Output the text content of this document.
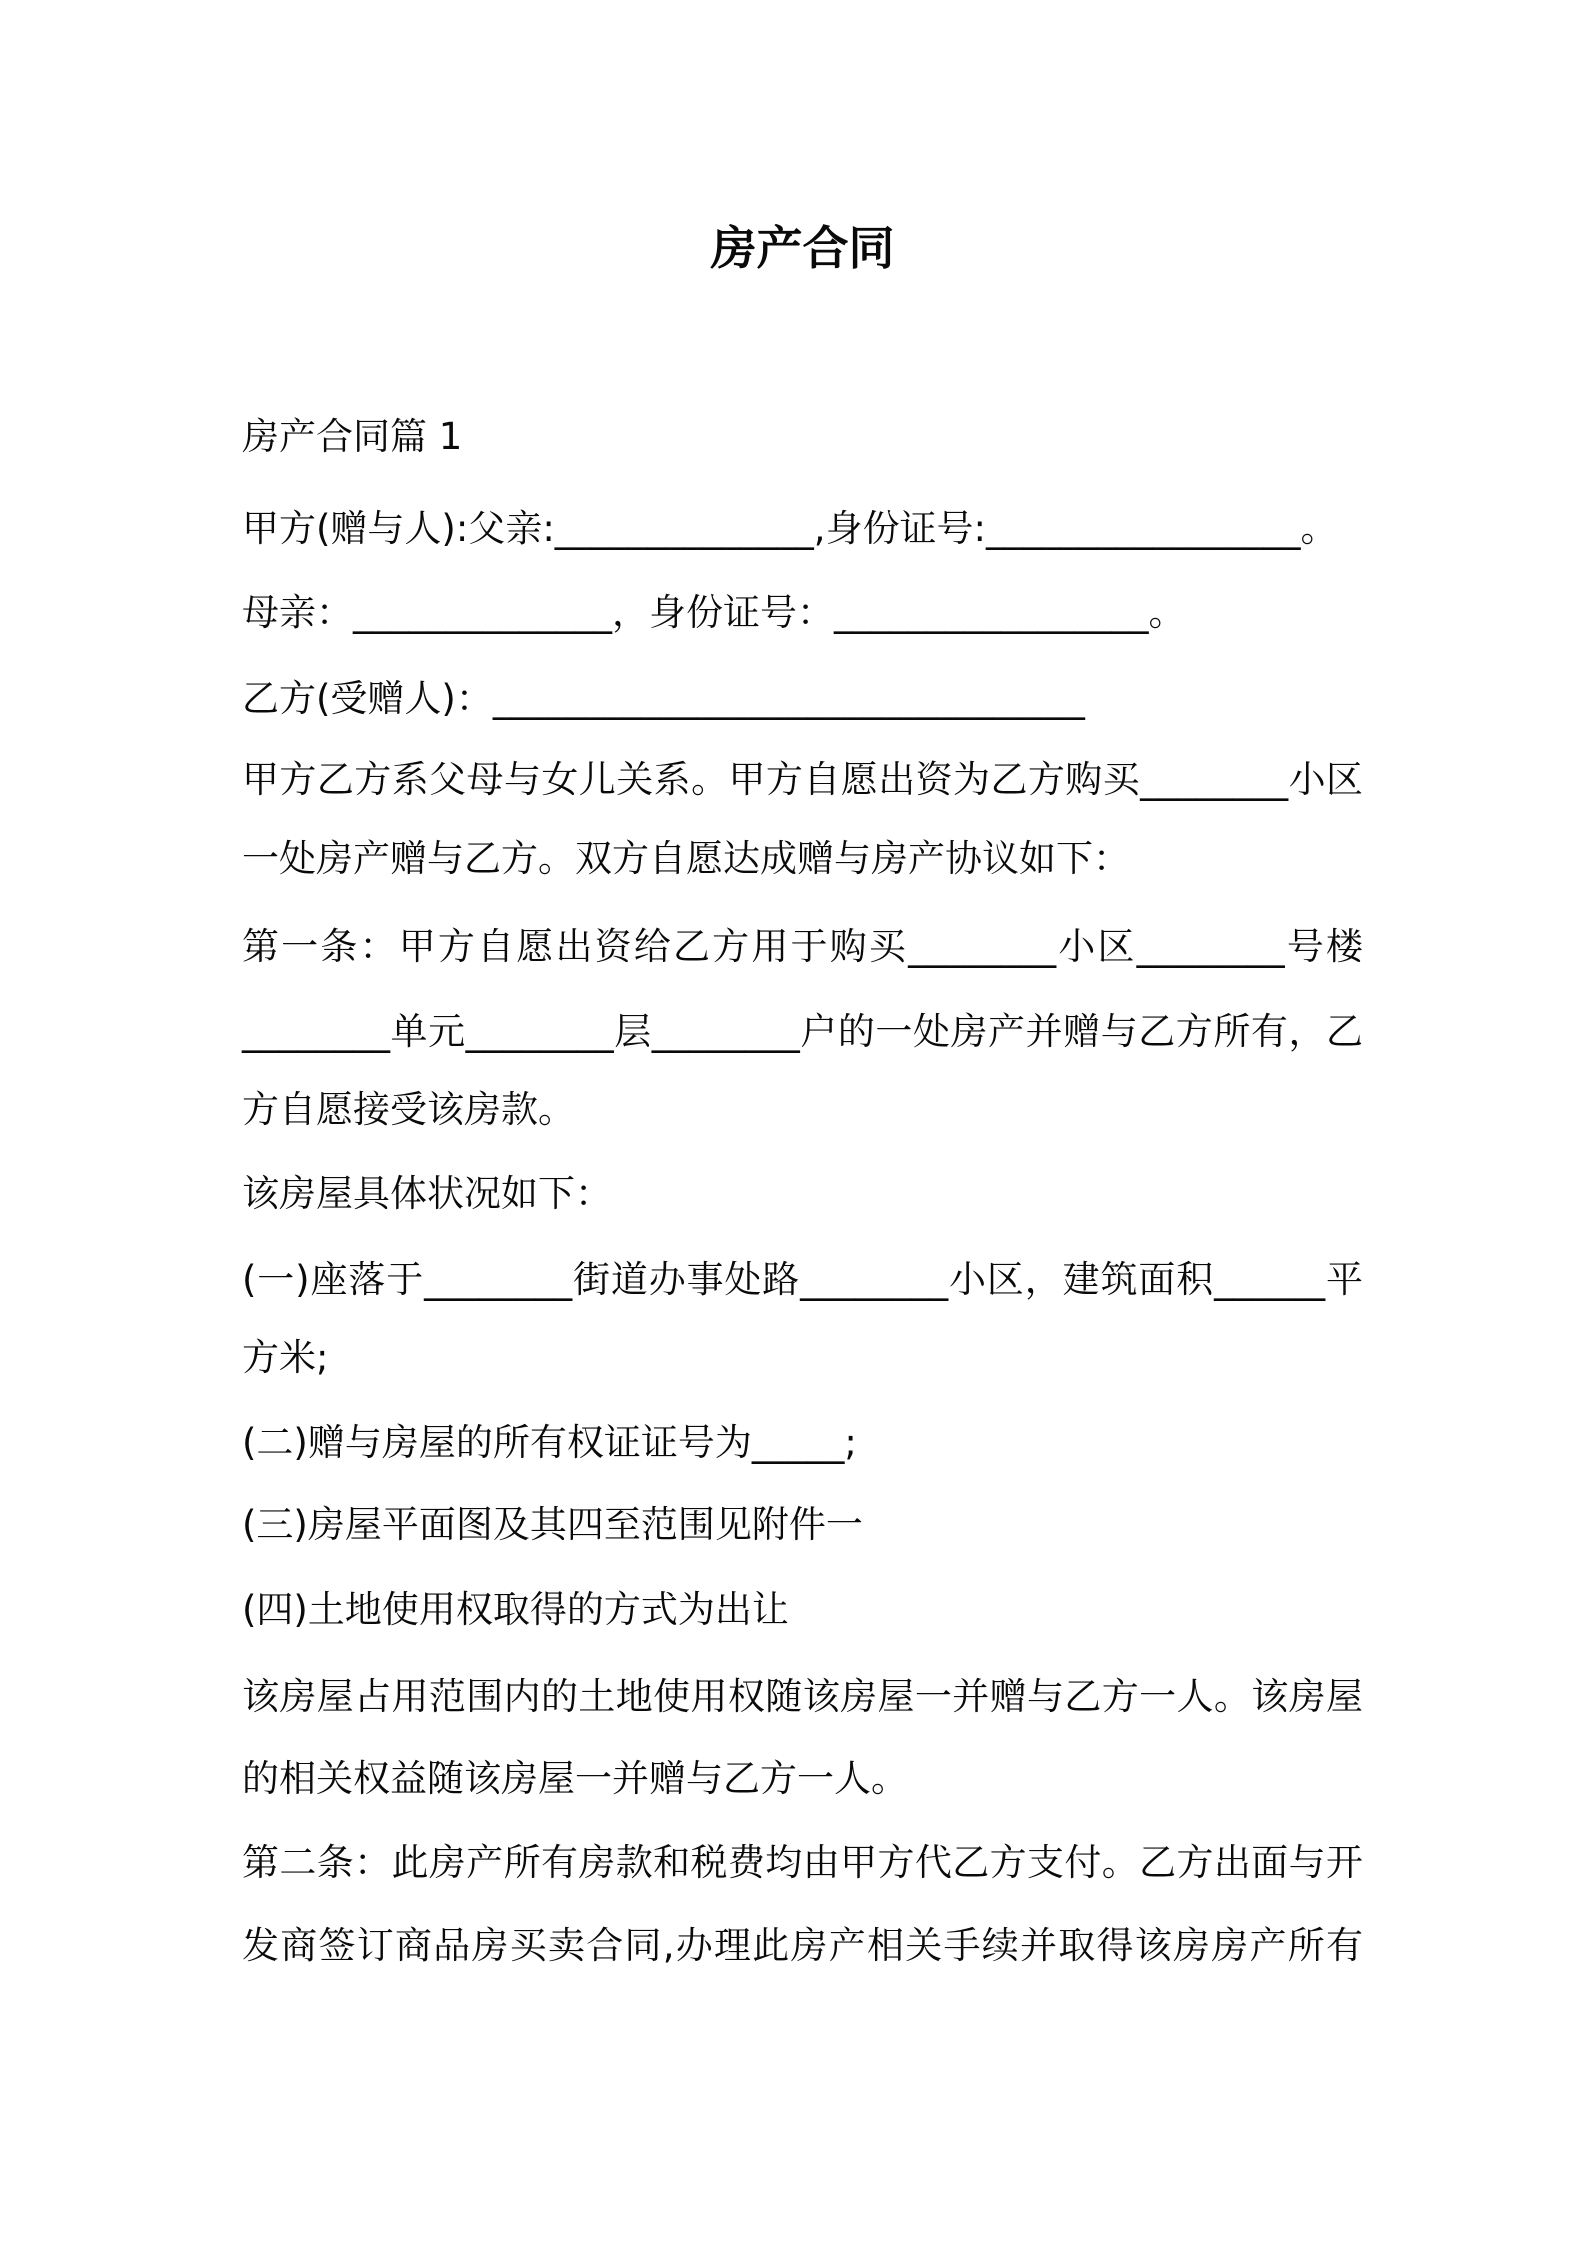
房产合同
房产合同篇 1
甲方(赠与人):父亲:______________,身份证号:_________________。
母亲：______________，身份证号：_________________。
乙方(受赠人)：________________________________
甲方乙方系父母与女儿关系。甲方自愿出资为乙方购买________小区
一处房产赠与乙方。双方自愿达成赠与房产协议如下：
第一条：甲方自愿出资给乙方用于购买________小区________号楼
________单元________层________户的一处房产并赠与乙方所有，乙
方自愿接受该房款。
该房屋具体状况如下：
(一)座落于________街道办事处路________小区，建筑面积______平
方米;
(二)赠与房屋的所有权证证号为_____;
(三)房屋平面图及其四至范围见附件一
(四)土地使用权取得的方式为出让
该房屋占用范围内的土地使用权随该房屋一并赠与乙方一人。该房屋
的相关权益随该房屋一并赠与乙方一人。
第二条：此房产所有房款和税费均由甲方代乙方支付。乙方出面与开
发商签订商品房买卖合同,办理此房产相关手续并取得该房房产所有
